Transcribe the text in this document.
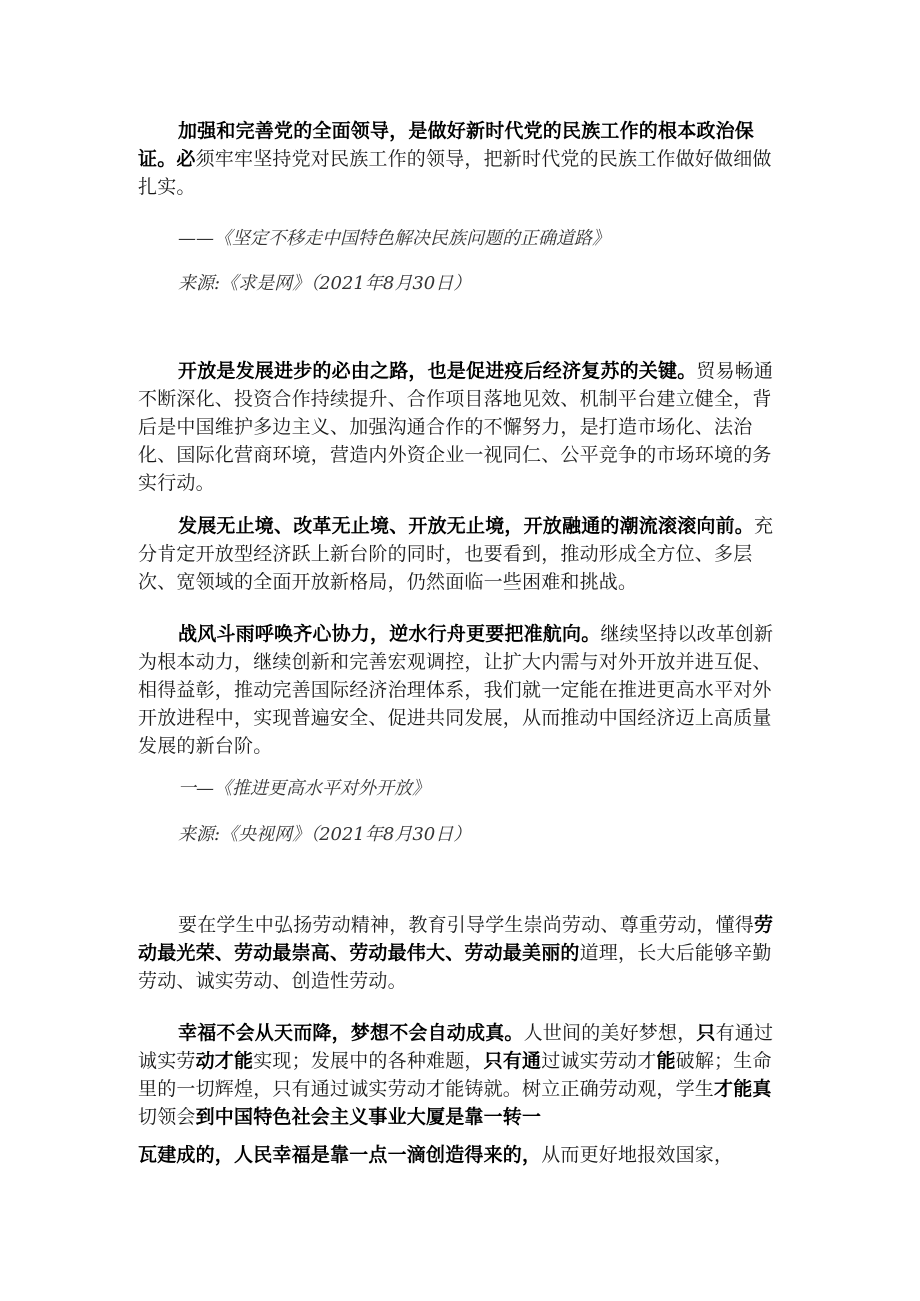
加强和完善党的全面领导，是做好新时代党的民族工作的根本政治保证。必须牢牢坚持党对民族工作的领导，把新时代党的民族工作做好做细做扎实。

——《坚定不移走中国特色解决民族问题的正确道路》

来源:《求是网》（2021年8月30日）

开放是发展进步的必由之路，也是促进疫后经济复苏的关键。贸易畅通不断深化、投资合作持续提升、合作项目落地见效、机制平台建立健全，背后是中国维护多边主义、加强沟通合作的不懈努力，是打造市场化、法治化、国际化营商环境，营造内外资企业一视同仁、公平竞争的市场环境的务实行动。

发展无止境、改革无止境、开放无止境，开放融通的潮流滚滚向前。充分肯定开放型经济跃上新台阶的同时，也要看到，推动形成全方位、多层次、宽领域的全面开放新格局，仍然面临一些困难和挑战。

战风斗雨呼唤齐心协力，逆水行舟更要把准航向。继续坚持以改革创新为根本动力，继续创新和完善宏观调控，让扩大内需与对外开放并进互促、相得益彰，推动完善国际经济治理体系，我们就一定能在推进更高水平对外开放进程中，实现普遍安全、促进共同发展，从而推动中国经济迈上高质量发展的新台阶。

一—《推进更高水平对外开放》

来源:《央视网》（2021年8月30日）

要在学生中弘扬劳动精神，教育引导学生崇尚劳动、尊重劳动，懂得劳动最光荣、劳动最崇高、劳动最伟大、劳动最美丽的道理，长大后能够辛勤劳动、诚实劳动、创造性劳动。

幸福不会从天而降，梦想不会自动成真。人世间的美好梦想，只有通过诚实劳动才能实现；发展中的各种难题，只有通过诚实劳动才能破解；生命里的一切辉煌，只有通过诚实劳动才能铸就。树立正确劳动观，学生才能真切领会到中国特色社会主义事业大厦是靠一转一

瓦建成的，人民幸福是靠一点一滴创造得来的，从而更好地报效国家，
